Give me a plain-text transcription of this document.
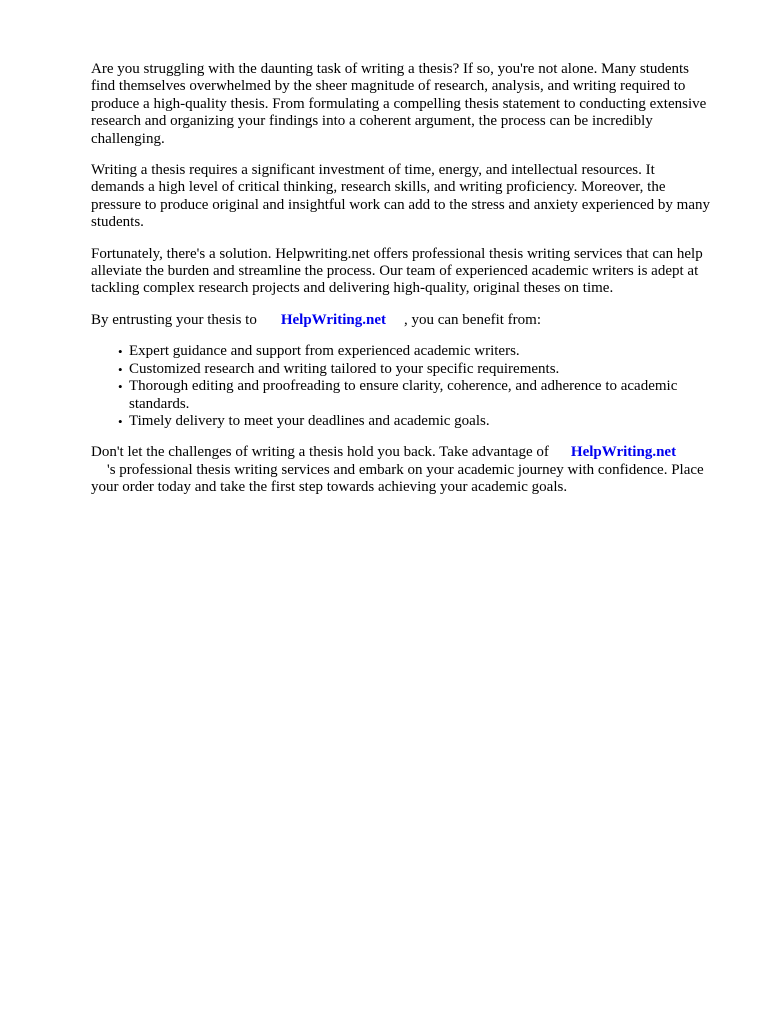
Are you struggling with the daunting task of writing a thesis? If so, you're not alone. Many students find themselves overwhelmed by the sheer magnitude of research, analysis, and writing required to produce a high-quality thesis. From formulating a compelling thesis statement to conducting extensive research and organizing your findings into a coherent argument, the process can be incredibly challenging.

Writing a thesis requires a significant investment of time, energy, and intellectual resources. It demands a high level of critical thinking, research skills, and writing proficiency. Moreover, the pressure to produce original and insightful work can add to the stress and anxiety experienced by many students.

Fortunately, there's a solution. Helpwriting.net offers professional thesis writing services that can help alleviate the burden and streamline the process. Our team of experienced academic writers is adept at tackling complex research projects and delivering high-quality, original theses on time.

By entrusting your thesis to HelpWriting.net , you can benefit from:

• Expert guidance and support from experienced academic writers.
• Customized research and writing tailored to your specific requirements.
• Thorough editing and proofreading to ensure clarity, coherence, and adherence to academic standards.
• Timely delivery to meet your deadlines and academic goals.

Don't let the challenges of writing a thesis hold you back. Take advantage of HelpWriting.net
's professional thesis writing services and embark on your academic journey with confidence. Place your order today and take the first step towards achieving your academic goals.
